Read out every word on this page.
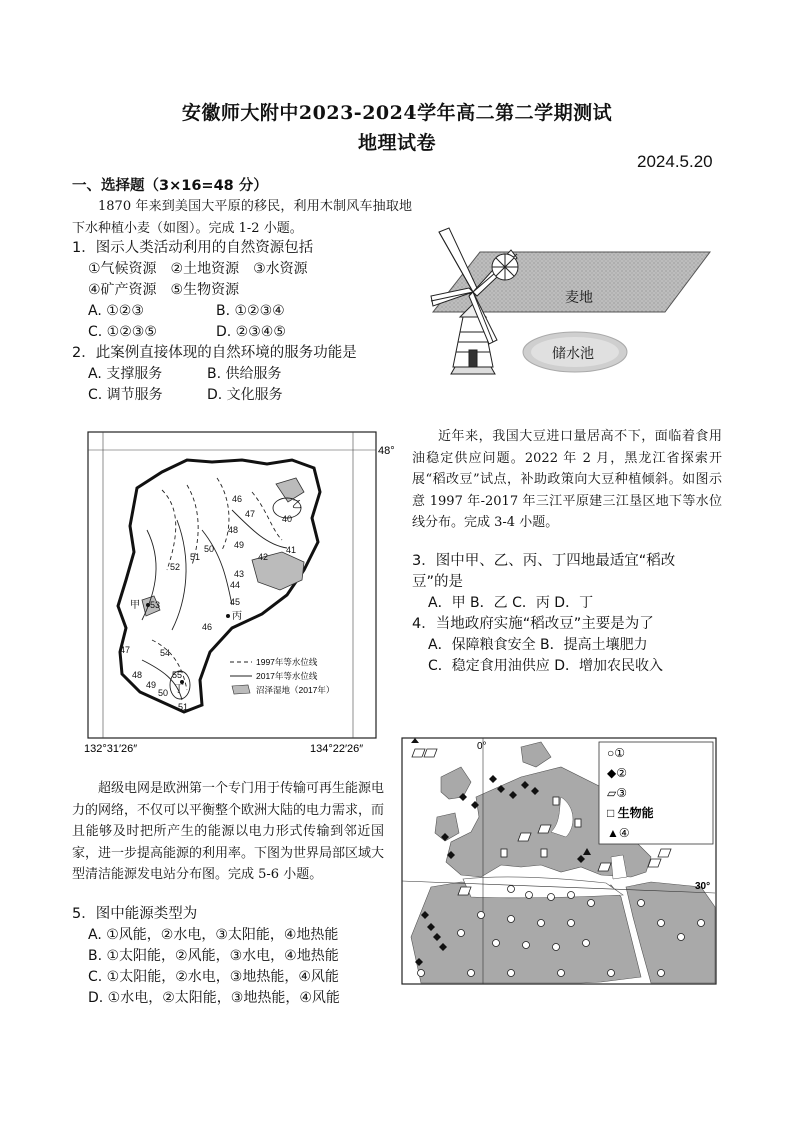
安徽师大附中2023-2024学年高二第二学期测试
地理试卷
2024.5.20
一、选择题（3×16=48 分）
1870 年来到美国大平原的移民，利用木制风车抽取地下水种植小麦（如图）。完成 1-2 小题。
1．图示人类活动利用的自然资源包括
①气候资源　②土地资源　③水资源
④矿产资源　⑤生物资源
A. ①②③	B. ①②③④
C. ①②③⑤	D. ②③④⑤
2．此案例直接体现的自然环境的服务功能是
A. 支撑服务	B. 供给服务
C. 调节服务	D. 文化服务
麦地
储水池
近年来，我国大豆进口量居高不下，面临着食用油稳定供应问题。2022 年 2 月，黑龙江省探索开展“稻改豆”试点，补助政策向大豆种植倾斜。如图示意 1997 年-2017 年三江平原建三江垦区地下等水位线分布。完成 3-4 小题。
3．图中甲、乙、丙、丁四地最适宜“稻改
豆”的是
A．甲 B．乙 C．丙 D．丁
4．当地政府实施“稻改豆”主要是为了
A．保障粮食安全 B．提高土壤肥力
C．稳定食用油供应 D．增加农民收入
48°
132°31′26″	134°22′26″
46
47
48
49
40
50
51
52
41
42
43
44
45
53
46
47	54
48
49
55
50
51
甲
乙
丙
丁
1997年等水位线
2017年等水位线
沼泽湿地（2017年）
超级电网是欧洲第一个专门用于传输可再生能源电力的网络，不仅可以平衡整个欧洲大陆的电力需求，而且能够及时把所产生的能源以电力形式传输到邻近国家，进一步提高能源的利用率。下图为世界局部区域大型清洁能源发电站分布图。完成 5-6 小题。
5．图中能源类型为
A. ①风能，②水电，③太阳能，④地热能
B. ①太阳能，②风能，③水电，④地热能
C. ①太阳能，②水电，③地热能，④风能
D. ①水电，②太阳能，③地热能，④风能
0°
30°
○①
◆②
▱③
□ 生物能
▲④
